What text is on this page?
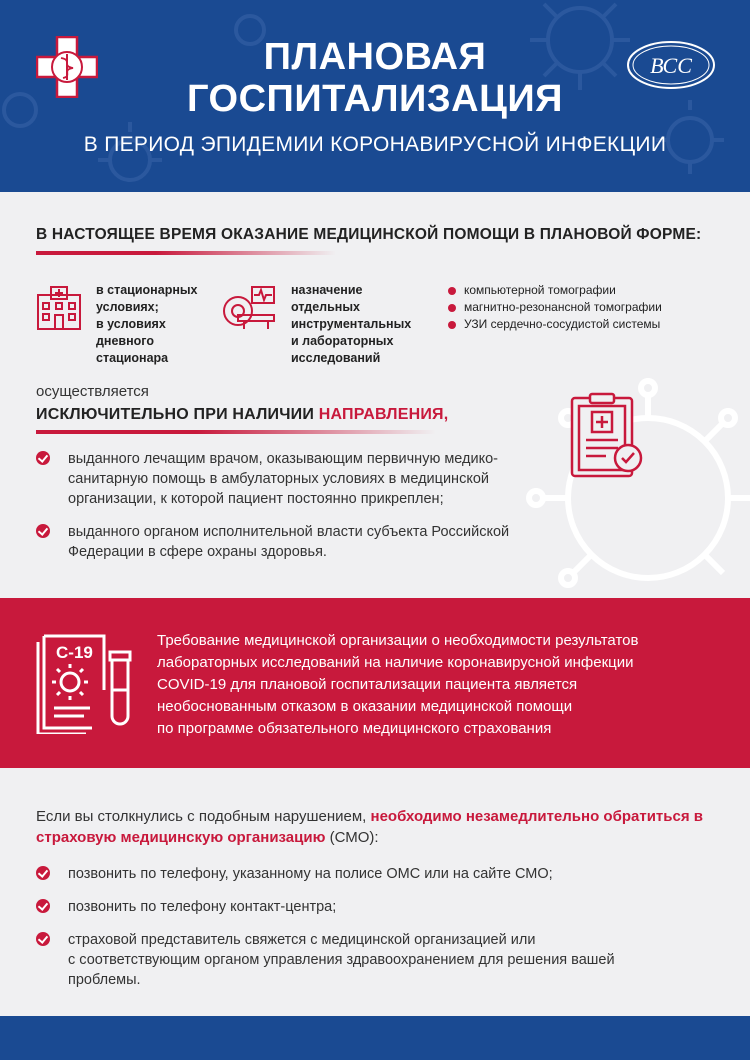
ПЛАНОВАЯ
ГОСПИТАЛИЗАЦИЯ
В ПЕРИОД ЭПИДЕМИИ КОРОНАВИРУСНОЙ ИНФЕКЦИИ
ВСС
В НАСТОЯЩЕЕ ВРЕМЯ ОКАЗАНИЕ МЕДИЦИНСКОЙ ПОМОЩИ В ПЛАНОВОЙ ФОРМЕ:
в стационарных
условиях;
в условиях
дневного
стационара
назначение
отдельных
инструментальных
и лабораторных
исследований
компьютерной томографии
магнитно-резонансной томографии
УЗИ сердечно-сосудистой системы
осуществляется
ИСКЛЮЧИТЕЛЬНО ПРИ НАЛИЧИИ НАПРАВЛЕНИЯ,
выданного лечащим врачом, оказывающим первичную медико-
санитарную помощь в амбулаторных условиях в медицинской
организации, к которой пациент постоянно прикреплен;
выданного органом исполнительной власти субъекта Российской
Федерации в сфере охраны здоровья.
C-19
Требование медицинской организации о необходимости результатов
лабораторных исследований на наличие коронавирусной инфекции
COVID-19 для плановой госпитализации пациента является
необоснованным отказом в оказании медицинской помощи
по программе обязательного медицинского страхования
Если вы столкнулись с подобным нарушением, необходимо незамедлительно обратиться в страховую медицинскую организацию (СМО):
позвонить по телефону, указанному на полисе ОМС или на сайте СМО;
позвонить по телефону контакт-центра;
страховой представитель свяжется с медицинской организацией или
с соответствующим органом управления здравоохранением для решения вашей
проблемы.
